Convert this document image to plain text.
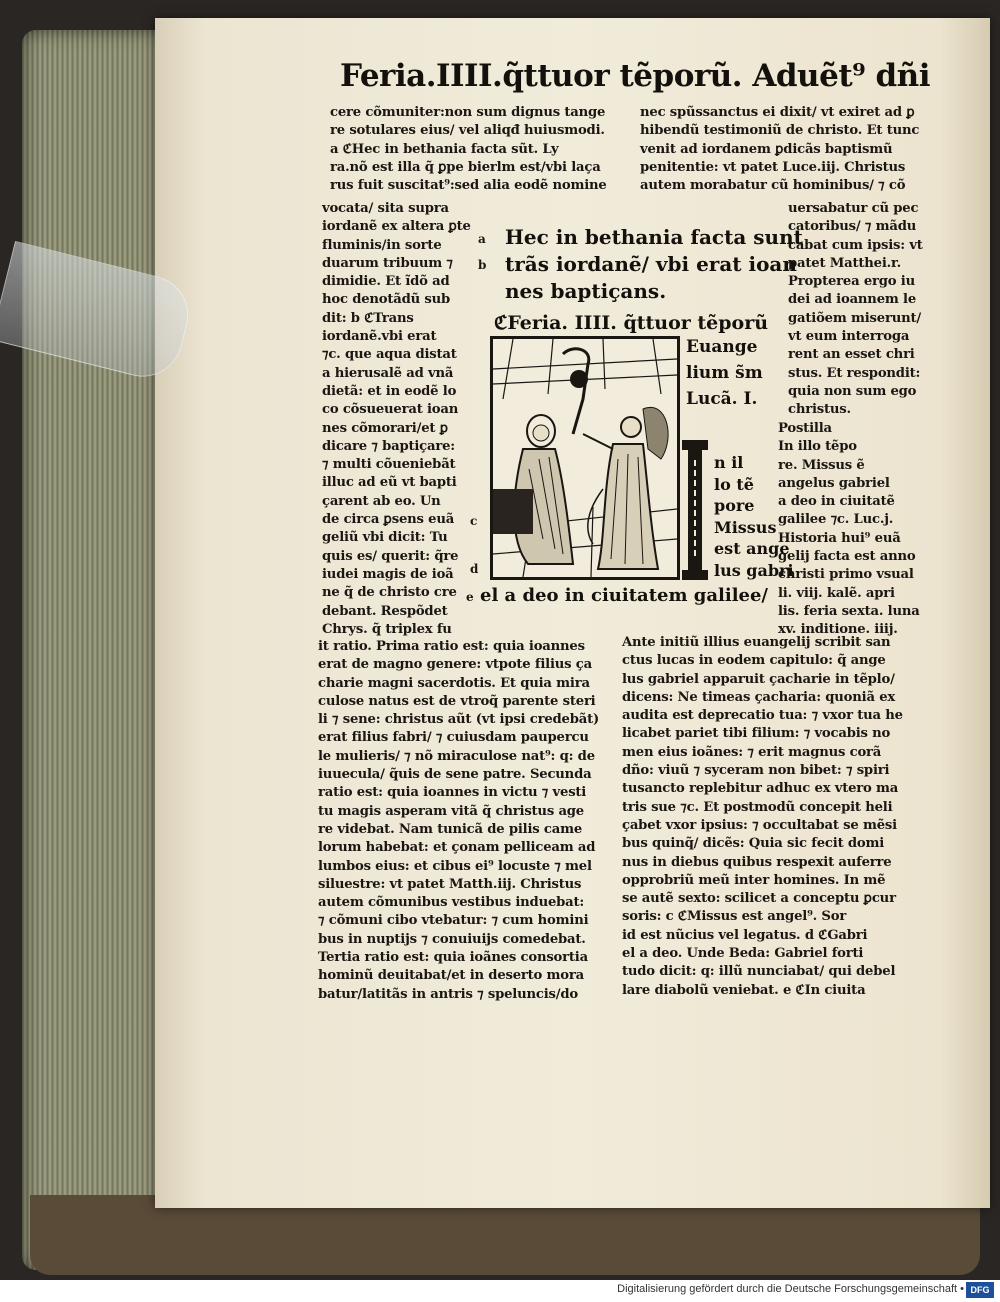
Feria.IIII.q̃ttuor tẽporũ. Aduẽt⁹ dñi
cere cõmuniter:non sum dignus tange
re sotulares eius/ vel aliqđ huiusmodi.
a ℭHec in bethania facta sũt. Ly
ra.nõ est illa q̃ ꝑpe bierlm est/vbi laça
rus fuit suscitat⁹:sed alia eodẽ nomine
vocata/ sita supra
iordanẽ ex altera ꝑte
fluminis/in sorte
duarum tribuum ⁊
dimidie. Et ĩdõ ad
hoc denotãdũ sub
dit: b ℭTrans
iordanẽ.vbi erat
⁊c. que aqua distat
a hierusalẽ ad vnã
dietã: et in eodẽ lo
co cõsueuerat ioan
nes cõmorari/et ꝑ
dicare ⁊ baptiçare:
⁊ multi cõueniebãt
illuc ad eũ vt bapti
çarent ab eo. Un
de circa ꝑsens euã
geliũ vbi dicit: Tu
quis es/ querit: q̃re
iudei magis de ioã
ne q̃ de christo cre
debant. Respõdet
Chrys. q̃ triplex fu
it ratio. Prima ratio est: quia ioannes
erat de magno genere: vtpote filius ça
charie magni sacerdotis. Et quia mira
culose natus est de vtroq̃ parente steri
li ⁊ sene: christus aũt (vt ipsi credebãt)
erat filius fabri/ ⁊ cuiusdam paupercu
le mulieris/ ⁊ nõ miraculose nat⁹: q: de
iuuecula/ q̃uis de sene patre. Secunda
ratio est: quia ioannes in victu ⁊ vesti
tu magis asperam vitã q̃ christus age
re videbat. Nam tunicã de pilis came
lorum habebat: et çonam pelliceam ad
lumbos eius: et cibus ei⁹ locuste ⁊ mel
siluestre: vt patet Matth.iij. Christus
autem cõmunibus vestibus induebat:
⁊ cõmuni cibo vtebatur: ⁊ cum homini
bus in nuptijs ⁊ conuiuijs comedebat.
Tertia ratio est: quia ioãnes consortia
hominũ deuitabat/et in deserto mora
batur/latitãs in antris ⁊ speluncis/do
nec spũssanctus ei dixit/ vt exiret ad ꝑ
hibendũ testimoniũ de christo. Et tunc
venit ad iordanem ꝑdicãs baptismũ
penitentie: vt patet Luce.iij. Christus
autem morabatur cũ hominibus/ ⁊ cõ
uersabatur cũ pec
catoribus/ ⁊ mãdu
cabat cum ipsis: vt
patet Matthei.r.
Propterea ergo iu
dei ad ioannem le
gatiõem miserunt/
vt eum interroga
rent an esset chri
stus. Et respondit:
quia non sum ego
christus.
Postilla
In illo tẽpo
re. Missus ẽ
angelus gabriel
a deo in ciuitatẽ
galilee ⁊c. Luc.j.
Historia hui⁹ euã
gelij facta est anno
christi primo vsual
li. viij. kalẽ. apri
lis. feria sexta. luna
xv. inditione. iiij.
Ante initiũ illius euangelij scribit san
ctus lucas in eodem capitulo: q̃ ange
lus gabriel apparuit çacharie in tẽplo/
dicens: Ne timeas çacharia: quoniã ex
audita est deprecatio tua: ⁊ vxor tua he
licabet pariet tibi filium: ⁊ vocabis no
men eius ioãnes: ⁊ erit magnus corã
dño: viuũ ⁊ syceram non bibet: ⁊ spiri
tusancto replebitur adhuc ex vtero ma
tris sue ⁊c. Et postmodũ concepit heli
çabet vxor ipsius: ⁊ occultabat se mẽsi
bus quinq̃/ dicẽs: Quia sic fecit domi
nus in diebus quibus respexit auferre
opprobriũ meũ inter homines. In mẽ
se autẽ sexto: scilicet a conceptu ꝑcur
soris: c ℭMissus est angel⁹. Sor
id est nũcius vel legatus. d ℭGabri
el a deo. Unde Beda: Gabriel forti
tudo dicit: q: illũ nunciabat/ qui debel
lare diabolũ veniebat. e ℭIn ciuita
a
b
c
d
e
Hec in bethania facta sunt
trãs iordanẽ/ vbi erat ioan
nes baptiçans.
ℭFeria. IIII. q̃ttuor tẽporũ
Euange
lium s̃m
Lucã. I.
n il
lo tẽ
pore
Missus
est ange
lus gabri
el a deo in ciuitatem galilee/
Digitalisierung gefördert durch die Deutsche Forschungsgemeinschaft • DFG
